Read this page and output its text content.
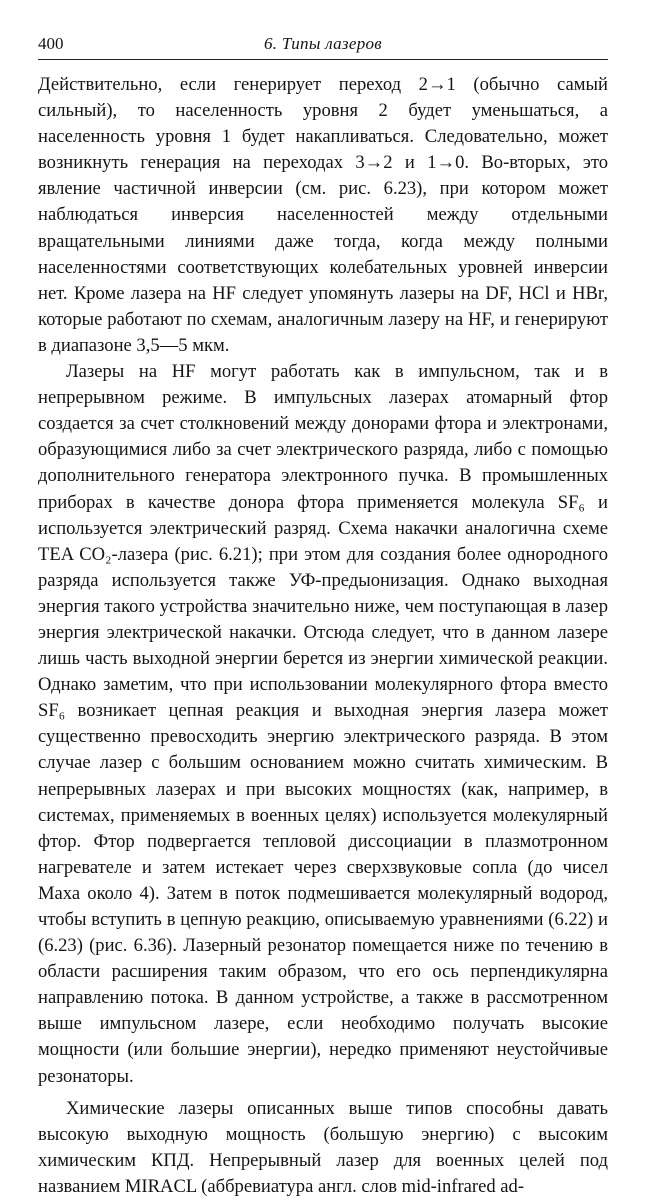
400	6. Типы лазеров

Действительно, если генерирует переход 2→1 (обычно самый сильный), то населенность уровня 2 будет уменьшаться, а населенность уровня 1 будет накапливаться. Следовательно, может возникнуть генерация на переходах 3→2 и 1→0. Во-вторых, это явление частичной инверсии (см. рис. 6.23), при котором может наблюдаться инверсия населенностей между отдельными вращательными линиями даже тогда, когда между полными населенностями соответствующих колебательных уровней инверсии нет. Кроме лазера на HF следует упомянуть лазеры на DF, HCl и HBr, которые работают по схемам, аналогичным лазеру на HF, и генерируют в диапазоне 3,5—5 мкм.

Лазеры на HF могут работать как в импульсном, так и в непрерывном режиме. В импульсных лазерах атомарный фтор создается за счет столкновений между донорами фтора и электронами, образующимися либо за счет электрического разряда, либо с помощью дополнительного генератора электронного пучка. В промышленных приборах в качестве донора фтора применяется молекула SF₆ и используется электрический разряд. Схема накачки аналогична схеме TEA CO₂-лазера (рис. 6.21); при этом для создания более однородного разряда используется также УФ-предыонизация. Однако выходная энергия такого устройства значительно ниже, чем поступающая в лазер энергия электрической накачки. Отсюда следует, что в данном лазере лишь часть выходной энергии берется из энергии химической реакции. Однако заметим, что при использовании молекулярного фтора вместо SF₆ возникает цепная реакция и выходная энергия лазера может существенно превосходить энергию электрического разряда. В этом случае лазер с большим основанием можно считать химическим. В непрерывных лазерах и при высоких мощностях (как, например, в системах, применяемых в военных целях) используется молекулярный фтор. Фтор подвергается тепловой диссоциации в плазмотронном нагревателе и затем истекает через сверхзвуковые сопла (до чисел Маха около 4). Затем в поток подмешивается молекулярный водород, чтобы вступить в цепную реакцию, описываемую уравнениями (6.22) и (6.23) (рис. 6.36). Лазерный резонатор помещается ниже по течению в области расширения таким образом, что его ось перпендикулярна направлению потока. В данном устройстве, а также в рассмотренном выше импульсном лазере, если необходимо получать высокие мощности (или большие энергии), нередко применяют неустойчивые резонаторы.

Химические лазеры описанных выше типов способны давать высокую выходную мощность (большую энергию) с высоким химическим КПД. Непрерывный лазер для военных целей под названием MIRACL (аббревиатура англ. слов mid-infrared ad-
